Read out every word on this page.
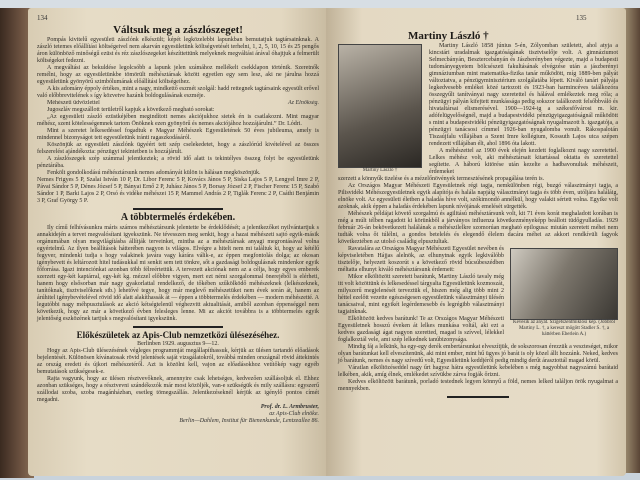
134
Váltsuk meg a zászlószeget!

Pompás kivitelű egyesületi zászlónk elkészült; képét legközelebbi lapunkban bemutatjuk tagtársainknak. A zászló tetemes előállítási költségeivel nem akarván egyesületünk költségvetését terhelni, 1, 2, 5, 10, 15 és 25 pengős áron különböző minőségű ezüst és réz zászlószegeket készíttettünk melyeknek megváltási árával óhajtjuk a felmerült költségeket fedezni.

A megváltási az bekuldése legolcsóbb a lapunk jelen számához mellékelt csekklapon történik. Szeretnők remélni, hogy az egyesületünkbe tömörült méhésztársak között egyetlen egy sem lesz, aki ne járulna hozzá egyesületünk gyönyörű szimbólumának előállítási költségeihez.

A kis adomány éppoly értékes, mint a nagy, mindkettő eszmét szolgál: hadd rettegnek tagtársaink egyesült erővel való előbbrevitelének s így közvetve hazánk boldogulásának eszméje.

Az Elnökség.
Méhészeti üdvözlettel

Jugoszláv megszállott területről kapjuk a következő megható sorokat:

„Az egyesületi zászló ezüstkéjében megindított nemes akciójukhoz sietek én is csatlakozni. Mint magyar méhész, szent kötelességemnek tartom Önöknek ezen gyönyörű és nemes akciójához hozzájárulni.” Dr. Lódri.

Mint a szeretet lelkesedéssel fogadtuk e Magyar Méhészek Egyesületének 50 éves jubileuma, amely is mindennel bizonyságot tett egyesületünk iránti ragaszkodásáról.

Köszönjük az egyesületi zászlónk ügyéért tett szép cselekedetet, hogy a zászlórúd kivételével az összes felszerelést ajándékozta: pénzügyi tekintetben is hozzájárult.

A zászlószegek szép számmal jelentkeztek; a rövid idő alatt is tekintélyes összeg folyt be egyesületünk pénztárába.

Fenkölt gondolkodású méhésztársunk nemes adományát külön is hálásan megköszönjük.

Nemes Frigyes 5 P, Szalai István 10 P, Dr. Libor Ferenc 5 P, Kovács János 5 P, Siska Lajos 5 P, Lengyel Imre 2 P, Pávai Sándor 5 P, Dénes József 5 P, Bányai Ernő 2 P, Juhász János 5 P, Borsay József 2 P, Fischer Ferenc 15 P, Szabó Sándor 1 P, Barki Lajos 2 P, Orsó és vidéke méhészei 15 P, Mammel András 2 P, Tiglák Ferenc 2 P, Csáthi Benjámin 3 P, Graf György 5 P.
A többtermelés érdekében.

Ily című felhívásunkra máris számos méhésztársunk jelentette be érdeklődését; a jelentkezőket nyilvántartjuk s annakidején a tervet megvalósítani igyekszünk. Ne tévesszen meg senkit, hogy a hazai méhészeti sajtó egyik-másik orgánumában olyan megvilágításba állítják terveinket, mintha az a méhésztársak anyagi megrontásával volna egyértelmű. Az ilyen beállítások hátterében nagyon is világos. Elvégre a hitelt nem mi találtuk ki, hogy az kétélű fegyver, mindenki tudja s hogy valakinek javára vagy kárára válik-e, az éppen megfontolás dolga; az okosan igénybevett és leltározott hitel tudásukkal mi senkit sem tett tönkre, sőt a gazdasági boldogulásnak mindenkor egyik főforrása. Igazi intenciónkat azonban több félreértettük. A tervezett akciónak nem az a célja, hogy egyes emberek szerzett egy-két kaptárral, egy-két kg. mézzel előbbre vigyen, mert ezt némi szorgalommal önerejéből is elérheti, hanem hogy elsősorban már nagy gyakorlattal rendelkező, de tőkében szűkölködő méhészeknek (lelkészeknek, tanítóknak, tisztviselőknek stb.) lehetővé tegye, hogy már meglevő méhészetüket nem évek során át, hanem az árúhitel igénybevételével rövid idő alatt alakíthassák át — éppen a többtermelés érdekében — modern méhészetté. A legutóbbi nagy méhpusztulások az akció kétségtelenül véghezvitt aktualitását, amiből azonban éppenséggel nem következik, hogy az már a következő évben felesleges lenne. Mi az akciót továbbra is a többtermelés egyik jelentőség eszközének tartjuk s megvalósítani igyekszünk.

Előkészületek az Apis-Club nemzetközi ülésezéséhez.
Berlinben 1929. augusztus 9—12.

Hogy az Apis-Club ülésezésének végleges programmját megállapíthassuk, kérjük az ülésen tartandó előadások bejelentését. Különösen kívánatosak rövid jelentések saját vizsgálatokról, továbbá minden országnál rövid áttekintés az ország eredeti és újkori méhészetéről. Azt is közölni kell, vajon az előadásokhoz vetítőkép vagy egyéb bemutatások szükségesek-e.

Rajta vagyunk, hogy az ülésen résztvevőknek, amennyire csak lehetséges, kedvezően szállásoljuk el. Ehhez azonban szükséges, hogy a résztvevni szándékozók már most közöljék, van-e szükségük és mily szállásra: egyszerű szállodai szoba, szoba magánházban, esetleg tömegszállás. Jelentkezéseknél kérjük az igénylő pontos címét megadni.

Prof. dr. L. Armbruster,
az Apis-Club elnöke.
Berlin—Dahlem, Institut für Bienenkunde, Lentzeallee 86.
135
Martiny László †
Martiny László †

Martiny László 1858 június 5-én, Zólyomban született, ahol atyja a kincstári uradalmak igazgatóságának tisztviselője volt. A gimnáziumot Selmecbányán, Besztercebányán és Jászberényben végezte, majd a budapesti tudományegyetem bölcsészeti fakultásának elvégzése után a jászberényi gimnáziumban mint matematika-fizika tanár működött, míg 1889-ben pályát változtatva, a pénzügyminisztérium szolgálatába lépett. Kiváló tanári pályája legkedvesebb emlékei közé tartozott és 1923-ban harmincéves találkozóra összegyűlt tanítványai nagy szeretettel és hálával emlékeztek meg róla; a pénzügyi pályán kifejtett munkássága pedig sokszor találkozott felsőbbváló és hivataltársai elismerésével. 1900—1924-ig a székesfővárosi m. kir. adófelügyelőségnél, majd a budapestvidéki pénzügyigazgatóságnál működött s mint a budapestvidéki pénzügyigazgatóságnak nyugalmazott h. igazgatója, a pénzügyi tanácsosi címmel 1926-ban nyugalomba vonult. Rákospalotán Tiszaújfalu villájában a Szent Imre kollégium, Kossuth Lajos utca szépen rendezett villájában élt, ahol 1896 óta lakott.

A méhészettel az 1900 évek elején kezdett foglalkozni nagy szeretettel. Lelkes méhész volt, aki méhésztársait kitartással oktatta és szeretettel segítette. A háború kitörése után kezelte a hadbavonultak méhészeit, érdemeket

szerzett a könnyűk tizelése és a mézelőnövények termesztésének propagálása terén is.

Az Országos Magyar Méhészeti Egyesületnek régi tagja, nemkülönben régi, buzgó választmányi tagja, a Pilisvidéki Méhészegyesületnek egyik alapítója és halála napjáig választmányi tagja és több éven, utóljára haláláig, elnöke volt. Az egyesületi életben a haladás híve volt, szókimondó annélkül, hogy valakit sértett volna. Egyike volt azoknak, akik éppen a haladás érdekében lapunk nívójának emelését sürgették.

Méhészek példájat követő szorgalmú és agilitású méhésztársunk volt, kit 71 éves korát meghaladott korában is még a múlt télben ragadott ki körünkből a járványos influenza következményeképp beállott tüdőgyulladás. 1929 február 26-án bekövetkezett halálának a méhészilelkre szomorúan megható epilogusa: miután szeretett méhei nem tudták volna őt túlélni, a gondos betelelés és elegendő élelem dacára méhei az akkori rendkívüli fagyok következtében az utolsó családig elpusztultak.

Kevesik az anyát. Szigetszentmiklósi kép. (Jobbról Martiny L. †, a kereszt mögött Stadler S. †, a háttérben Eberlein A.)

Ravatalára az Országos Magyar Méhészeti Egyesület nevében és képviseletében Hájjas alelnök, az elhunytnak egyik legkiválóbb tisztelője, helyezett koszorút s a következő rövid búcsúbeszédben méltatta elhunyt kiváló méhésztársunk érdemeit:

Mikor elköltözött szeretett barátunk, Martiny László tavaly még itt volt közöttünk és lelkesedéssel tárgyalta Egyesületünk kozmoszát, milyszerű megjelenését terveztük el, hiszen még alig több mint 2 héttel ezelőtt vezette egészségesen egyesületünk választmányi ülésén tanácsaival, mint egyikét legérdemesebb és legrégibb választmányi tagjainknak.

Elköltözött kedves barátunk! Te az Országos Magyar Méhészeti Egyesületnek hosszú éveken át lelkes munkása voltál, aki ezt a kedves gazdasági ágat nagyon szeretted, magad is szívvel, lélekkel foglalkoztál vele, ami szép lelkednek tanúbizonysága.

Mindig fáj a lelkünk, ha egy-egy derék embertársunkat elveszítjük, de sokszorosan érezzük a veszteséget, mikor olyan barátunkat kell elveszítenünk, aki mint ember, mint hű ügyes jó barát is oly közel állt hozzánk. Neked, kedves jó barátunk, nemes és nagy szívedű volt, Egyesületünk keddjéről pedig mindig derűt árasztottál magad körül.

Váratlan elköltözéseddel nagy űrt hagysz hátra egyesületünk kebelében s még nagyobbat nagyszámú barátaid lelkében, akik, amíg élnek, emlékedet szívükbe zárva fogják őrizni.

Kedves elköltözött barátunk, porladó testednek legyen könnyű a föld, nemes lelked találjon örök nyugalmat a mennyekben.
